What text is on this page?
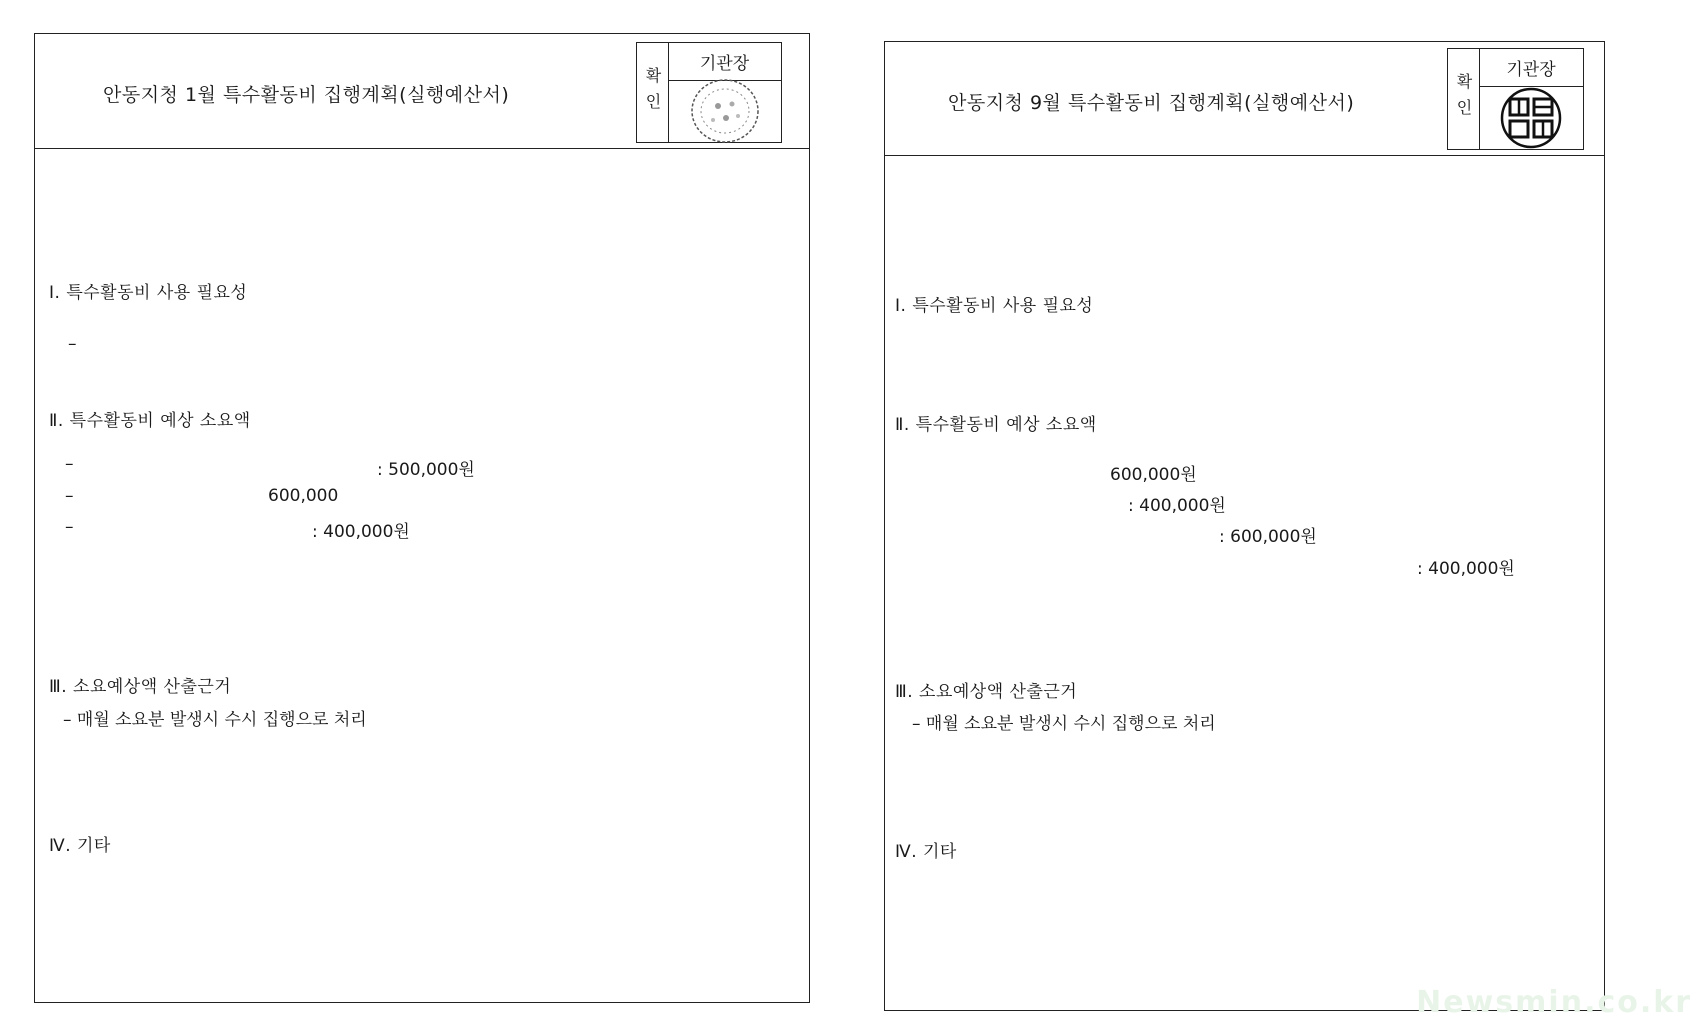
안동지청 1월 특수활동비 집행계획(실행예산서)	확인
기관장
Ⅰ. 특수활동비 사용 필요성
–
Ⅱ. 특수활동비 예상 소요액
–	: 500,000원
–	600,000
–	: 400,000원
Ⅲ. 소요예상액 산출근거
– 매월 소요분 발생시 수시 집행으로 처리
Ⅳ. 기타
안동지청 9월 특수활동비 집행계획(실행예산서)	확인
기관장
Ⅰ. 특수활동비 사용 필요성
Ⅱ. 특수활동비 예상 소요액
600,000원
: 400,000원
: 600,000원
: 400,000원
Ⅲ. 소요예상액 산출근거
– 매월 소요분 발생시 수시 집행으로 처리
Ⅳ. 기타
Newsmin.co.kr
